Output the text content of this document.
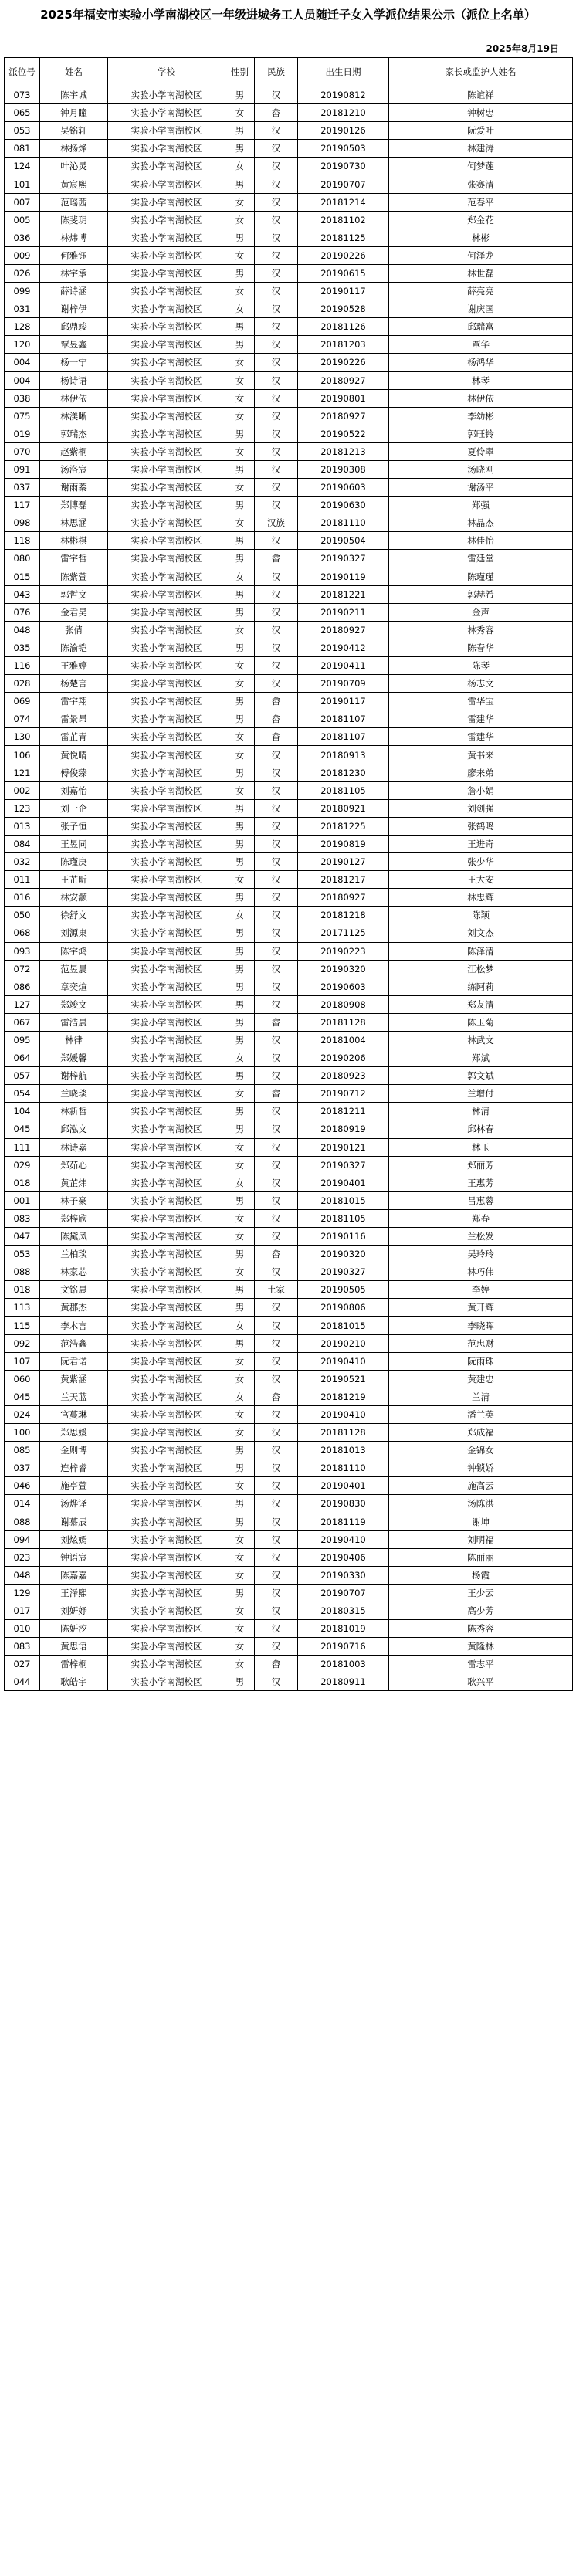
2025年福安市实验小学南湖校区一年级进城务工人员随迁子女入学派位结果公示（派位上名单）
2025年8月19日
派位号	姓名	学校	性别	民族	出生日期	家长或监护人姓名
073	陈宇城	实验小学南湖校区	男	汉	20190812	陈谊祥
065	钟月瞳	实验小学南湖校区	女	畲	20181210	钟树忠
053	吴铭轩	实验小学南湖校区	男	汉	20190126	阮爱叶
081	林扬烽	实验小学南湖校区	男	汉	20190503	林建涛
124	叶沁灵	实验小学南湖校区	女	汉	20190730	何梦莲
101	黄宸熙	实验小学南湖校区	男	汉	20190707	张赛清
007	范瑶茜	实验小学南湖校区	女	汉	20181214	范春平
005	陈斐玥	实验小学南湖校区	女	汉	20181102	郑金花
036	林炜博	实验小学南湖校区	男	汉	20181125	林彬
009	何雅钰	实验小学南湖校区	女	汉	20190226	何泽龙
026	林宇承	实验小学南湖校区	男	汉	20190615	林世磊
099	薛诗涵	实验小学南湖校区	女	汉	20190117	薛亮亮
031	谢梓伊	实验小学南湖校区	女	汉	20190528	谢庆国
128	邱鼎竣	实验小学南湖校区	男	汉	20181126	邱瑞富
120	覃昱鑫	实验小学南湖校区	男	汉	20181203	覃华
004	杨一宁	实验小学南湖校区	女	汉	20190226	杨鸿华
004	杨诗语	实验小学南湖校区	女	汉	20180927	林琴
038	林伊依	实验小学南湖校区	女	汉	20190801	林伊依
075	林渼晰	实验小学南湖校区	女	汉	20180927	李幼彬
019	郭瑞杰	实验小学南湖校区	男	汉	20190522	郭旺铃
070	赵紫桐	实验小学南湖校区	女	汉	20181213	夏伶翠
091	汤洛宸	实验小学南湖校区	男	汉	20190308	汤晓刚
037	谢雨蓁	实验小学南湖校区	女	汉	20190603	谢汤平
117	郑博磊	实验小学南湖校区	男	汉	20190630	郑强
098	林思涵	实验小学南湖校区	女	汉族	20181110	林晶杰
118	林彬棋	实验小学南湖校区	男	汉	20190504	林佳怡
080	雷宇哲	实验小学南湖校区	男	畲	20190327	雷廷堂
015	陈紫萱	实验小学南湖校区	女	汉	20190119	陈瑾瑾
043	郭哲文	实验小学南湖校区	男	汉	20181221	郭赫希
076	金君昊	实验小学南湖校区	男	汉	20190211	金声
048	张倩	实验小学南湖校区	女	汉	20180927	林秀容
035	陈渝铠	实验小学南湖校区	男	汉	20190412	陈春华
116	王雅婷	实验小学南湖校区	女	汉	20190411	陈琴
028	杨楚言	实验小学南湖校区	女	汉	20190709	杨志文
069	雷宇翔	实验小学南湖校区	男	畲	20190117	雷华宝
074	雷景昂	实验小学南湖校区	男	畲	20181107	雷建华
130	雷芷青	实验小学南湖校区	女	畲	20181107	雷建华
106	黄悦晴	实验小学南湖校区	女	汉	20180913	黄书来
121	傅俊臻	实验小学南湖校区	男	汉	20181230	廖来弟
002	刘嘉怡	实验小学南湖校区	女	汉	20181105	詹小娟
123	刘一企	实验小学南湖校区	男	汉	20180921	刘剑强
013	张子恒	实验小学南湖校区	男	汉	20181225	张鹤鸣
084	王昱同	实验小学南湖校区	男	汉	20190819	王进奇
032	陈瑾庚	实验小学南湖校区	男	汉	20190127	张少华
011	王芷昕	实验小学南湖校区	女	汉	20181217	王大安
016	林安灏	实验小学南湖校区	男	汉	20180927	林忠辉
050	徐舒文	实验小学南湖校区	女	汉	20181218	陈颖
068	刘源東	实验小学南湖校区	男	汉	20171125	刘文杰
093	陈宇鸿	实验小学南湖校区	男	汉	20190223	陈泽清
072	范昱晨	实验小学南湖校区	男	汉	20190320	江松梦
086	章奕煊	实验小学南湖校区	男	汉	20190603	练阿莉
127	郑竣文	实验小学南湖校区	男	汉	20180908	郑友清
067	雷浩晨	实验小学南湖校区	男	畲	20181128	陈玉菊
095	林律	实验小学南湖校区	男	汉	20181004	林武文
064	郑媛馨	实验小学南湖校区	女	汉	20190206	郑斌
057	谢梓航	实验小学南湖校区	男	汉	20180923	郭文斌
054	兰晓琰	实验小学南湖校区	女	畲	20190712	兰增付
104	林新哲	实验小学南湖校区	男	汉	20181211	林清
045	邱泓文	实验小学南湖校区	男	汉	20180919	邱林春
111	林诗嘉	实验小学南湖校区	女	汉	20190121	林玉
029	郑茹心	实验小学南湖校区	女	汉	20190327	郑丽芳
018	黄芷炜	实验小学南湖校区	女	汉	20190401	王惠芳
001	林子豪	实验小学南湖校区	男	汉	20181015	吕惠蓉
083	郑梓欣	实验小学南湖校区	女	汉	20181105	郑春
047	陈黛凤	实验小学南湖校区	女	汉	20190116	兰松发
053	兰柏琰	实验小学南湖校区	男	畲	20190320	吴玲玲
088	林家芯	实验小学南湖校区	女	汉	20190327	林巧伟
018	文铭晨	实验小学南湖校区	男	土家	20190505	李婷
113	黄郡杰	实验小学南湖校区	男	汉	20190806	黄开辉
115	李木言	实验小学南湖校区	女	汉	20181015	李晓晖
092	范浩鑫	实验小学南湖校区	男	汉	20190210	范忠财
107	阮君诺	实验小学南湖校区	女	汉	20190410	阮雨珠
060	黄紫涵	实验小学南湖校区	女	汉	20190521	黄建忠
045	兰天蓝	实验小学南湖校区	女	畲	20181219	兰清
024	官蔓琳	实验小学南湖校区	女	汉	20190410	潘兰英
100	郑思媛	实验小学南湖校区	女	汉	20181128	郑成福
085	金则博	实验小学南湖校区	男	汉	20181013	金锦女
037	连梓睿	实验小学南湖校区	男	汉	20181110	钟锁娇
046	施亭萱	实验小学南湖校区	女	汉	20190401	施高云
014	汤烨译	实验小学南湖校区	男	汉	20190830	汤陈洪
088	谢慕辰	实验小学南湖校区	男	汉	20181119	谢坤
094	刘炫嫣	实验小学南湖校区	女	汉	20190410	刘明福
023	钟语宸	实验小学南湖校区	女	汉	20190406	陈丽丽
048	陈嘉嘉	实验小学南湖校区	女	汉	20190330	杨霞
129	王泽熙	实验小学南湖校区	男	汉	20190707	王少云
017	刘妍妤	实验小学南湖校区	女	汉	20180315	高少芳
010	陈妍汐	实验小学南湖校区	女	汉	20181019	陈秀容
083	黄思语	实验小学南湖校区	女	汉	20190716	黄隆林
027	雷梓桐	实验小学南湖校区	女	畲	20181003	雷志平
044	耿皓宇	实验小学南湖校区	男	汉	20180911	耿兴平
